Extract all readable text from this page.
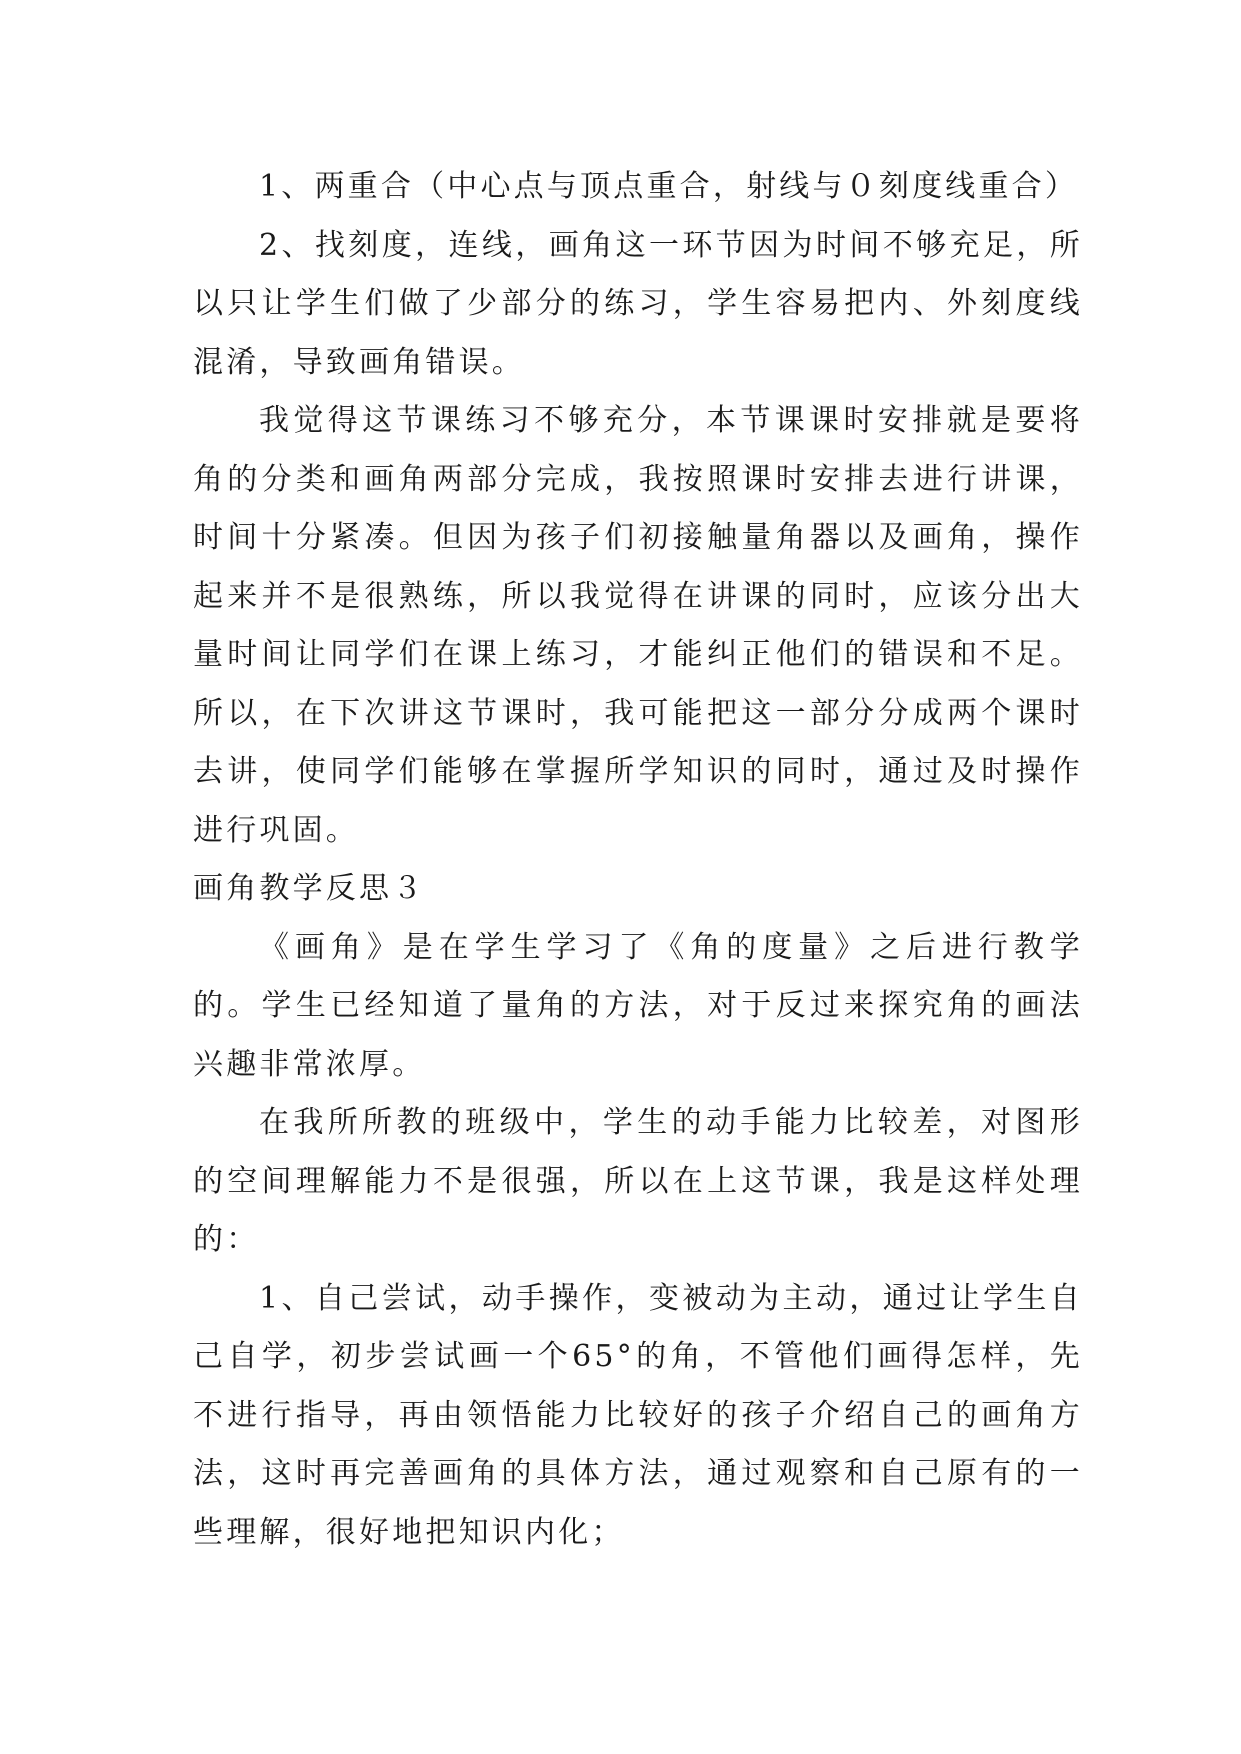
1、两重合（中心点与顶点重合，射线与０刻度线重合）

2、找刻度，连线，画角这一环节因为时间不够充足，所以只让学生们做了少部分的练习，学生容易把内、外刻度线混淆，导致画角错误。

我觉得这节课练习不够充分，本节课课时安排就是要将角的分类和画角两部分完成，我按照课时安排去进行讲课，时间十分紧凑。但因为孩子们初接触量角器以及画角，操作起来并不是很熟练，所以我觉得在讲课的同时，应该分出大量时间让同学们在课上练习，才能纠正他们的错误和不足。所以，在下次讲这节课时，我可能把这一部分分成两个课时去讲，使同学们能够在掌握所学知识的同时，通过及时操作进行巩固。

画角教学反思３

《画角》是在学生学习了《角的度量》之后进行教学的。学生已经知道了量角的方法，对于反过来探究角的画法兴趣非常浓厚。

在我所所教的班级中，学生的动手能力比较差，对图形的空间理解能力不是很强，所以在上这节课，我是这样处理的：

1、自己尝试，动手操作，变被动为主动，通过让学生自己自学，初步尝试画一个65°的角，不管他们画得怎样，先不进行指导，再由领悟能力比较好的孩子介绍自己的画角方法，这时再完善画角的具体方法，通过观察和自己原有的一些理解，很好地把知识内化；
